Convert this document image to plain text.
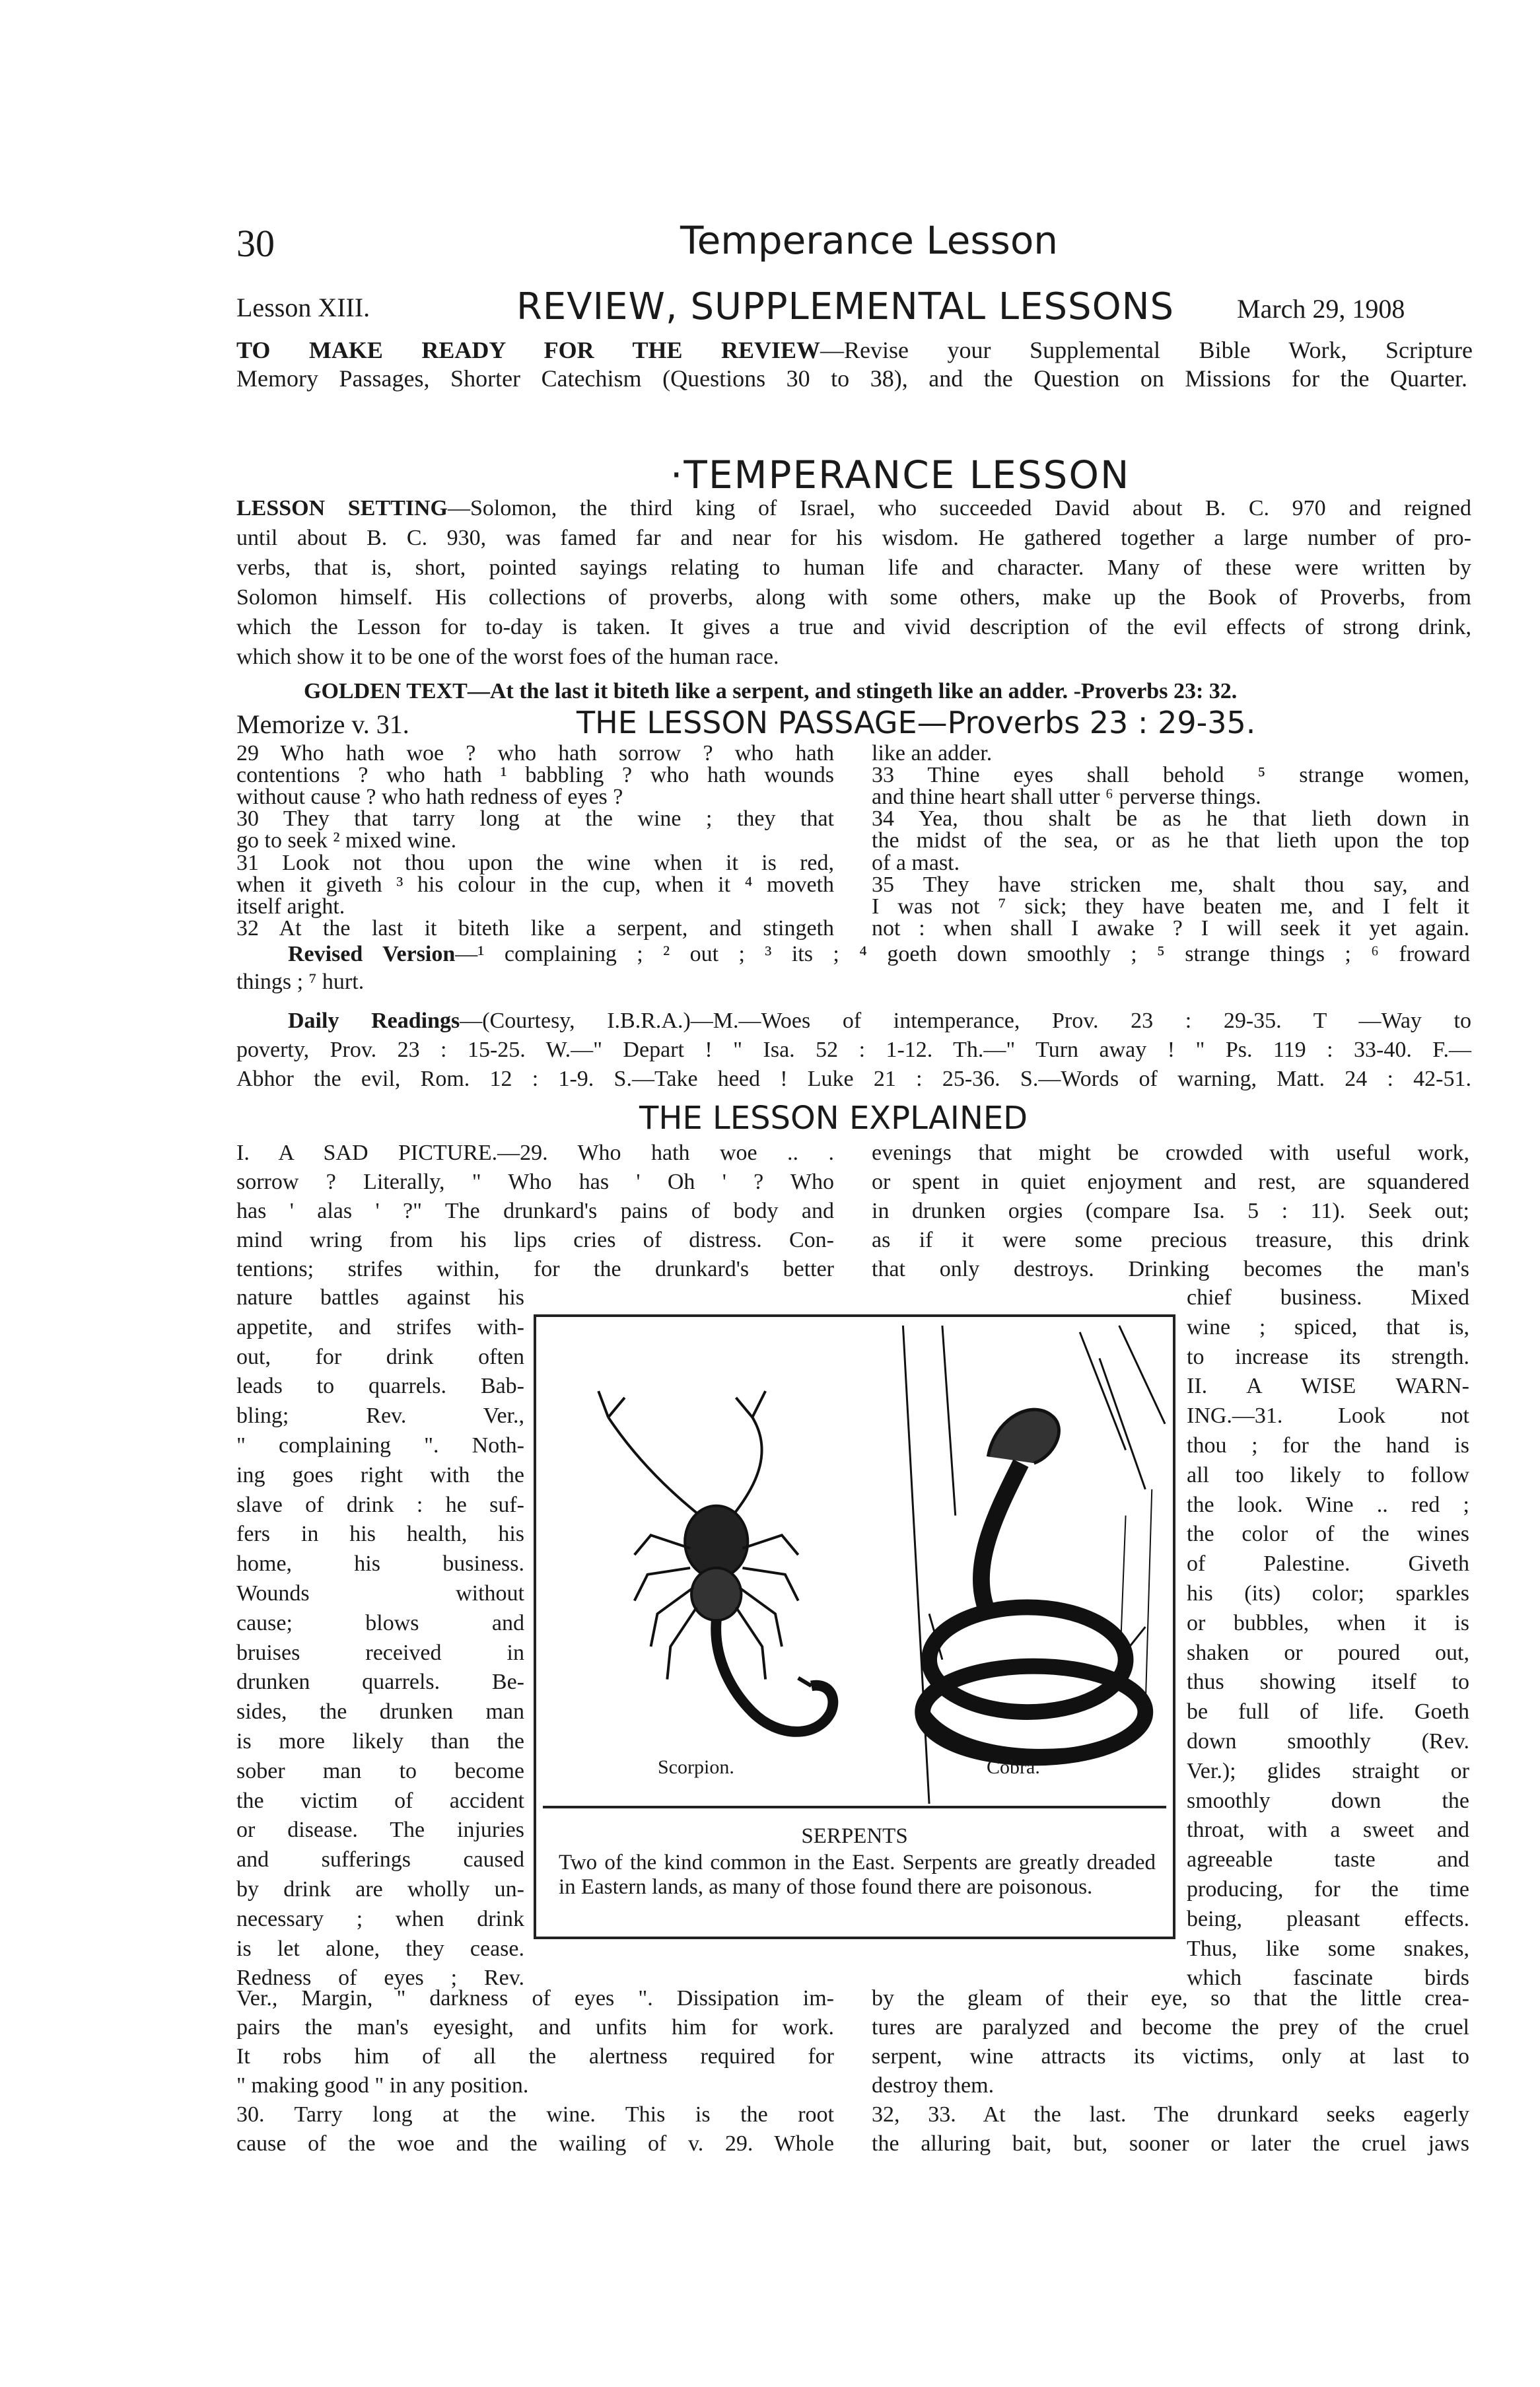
30	Temperance Lesson
Lesson XIII.	REVIEW, SUPPLEMENTAL LESSONS March 29, 1908
TO MAKE READY FOR THE REVIEW—Revise your Supplemental Bible Work, Scripture
Memory Passages, Shorter Catechism (Questions 30 to 38), and the Question on Missions for the Quarter.
·TEMPERANCE LESSON
LESSON SETTING—Solomon, the third king of Israel, who succeeded David about B. C. 970 and reigned
until about B. C. 930, was famed far and near for his wisdom. He gathered together a large number of pro-
verbs, that is, short, pointed sayings relating to human life and character. Many of these were written by
Solomon himself. His collections of proverbs, along with some others, make up the Book of Proverbs, from
which the Lesson for to-day is taken. It gives a true and vivid description of the evil effects of strong drink,
which show it to be one of the worst foes of the human race.
GOLDEN TEXT—At the last it biteth like a serpent, and stingeth like an adder. -Proverbs 23: 32.
Memorize v. 31.	THE LESSON PASSAGE—Proverbs 23 : 29-35.
29 Who hath woe ? who hath sorrow ? who hath
contentions ? who hath ¹ babbling ? who hath wounds
without cause ? who hath redness of eyes ?
30 They that tarry long at the wine ; they that
go to seek ² mixed wine.
31 Look not thou upon the wine when it is red,
when it giveth ³ his colour in the cup, when it ⁴ moveth
itself aright.
32 At the last it biteth like a serpent, and stingeth
like an adder.
33 Thine eyes shall behold ⁵ strange women,
and thine heart shall utter ⁶ perverse things.
34 Yea, thou shalt be as he that lieth down in
the midst of the sea, or as he that lieth upon the top
of a mast.
35 They have stricken me, shalt thou say, and
I was not ⁷ sick; they have beaten me, and I felt it
not : when shall I awake ? I will seek it yet again.
Revised Version—¹ complaining ; ² out ; ³ its ; ⁴ goeth down smoothly ; ⁵ strange things ; ⁶ froward
things ; ⁷ hurt.
Daily Readings—(Courtesy, I.B.R.A.)—M.—Woes of intemperance, Prov. 23 : 29-35. T —Way to
poverty, Prov. 23 : 15-25. W.—" Depart ! " Isa. 52 : 1-12. Th.—" Turn away ! " Ps. 119 : 33-40. F.—
Abhor the evil, Rom. 12 : 1-9. S.—Take heed ! Luke 21 : 25-36. S.—Words of warning, Matt. 24 : 42-51.
THE LESSON EXPLAINED
I. A SAD PICTURE.—29. Who hath woe .. .
sorrow ? Literally, " Who has ' Oh ' ? Who
has ' alas ' ?" The drunkard's pains of body and
mind wring from his lips cries of distress. Con-
tentions; strifes within, for the drunkard's better
nature battles against his
appetite, and strifes with-
out, for drink often
leads to quarrels. Bab-
bling; Rev. Ver.,
" complaining ". Noth-
ing goes right with the
slave of drink : he suf-
fers in his health, his
home, his business.
Wounds without
cause; blows and
bruises received in
drunken quarrels. Be-
sides, the drunken man
is more likely than the
sober man to become
the victim of accident
or disease. The injuries
and sufferings caused
by drink are wholly un-
necessary ; when drink
is let alone, they cease.
Redness of eyes ; Rev.
Ver., Margin, " darkness of eyes ". Dissipation im-
pairs the man's eyesight, and unfits him for work.
It robs him of all the alertness required for
" making good " in any position.
30. Tarry long at the wine. This is the root
cause of the woe and the wailing of v. 29. Whole
evenings that might be crowded with useful work,
or spent in quiet enjoyment and rest, are squandered
in drunken orgies (compare Isa. 5 : 11). Seek out;
as if it were some precious treasure, this drink
that only destroys. Drinking becomes the man's
chief business. Mixed
wine ; spiced, that is,
to increase its strength.
II. A WISE WARN-
ING.—31. Look not
thou ; for the hand is
all too likely to follow
the look. Wine .. red ;
the color of the wines
of Palestine. Giveth
his (its) color; sparkles
or bubbles, when it is
shaken or poured out,
thus showing itself to
be full of life. Goeth
down smoothly (Rev.
Ver.); glides straight or
smoothly down the
throat, with a sweet and
agreeable taste and
producing, for the time
being, pleasant effects.
Thus, like some snakes,
which fascinate birds
by the gleam of their eye, so that the little crea-
tures are paralyzed and become the prey of the cruel
serpent, wine attracts its victims, only at last to
destroy them.
32, 33. At the last. The drunkard seeks eagerly
the alluring bait, but, sooner or later the cruel jaws
Scorpion.	Cobra.
SERPENTS
Two of the kind common in the East. Serpents are greatly dreaded in Eastern lands, as many of those found there are poisonous.
